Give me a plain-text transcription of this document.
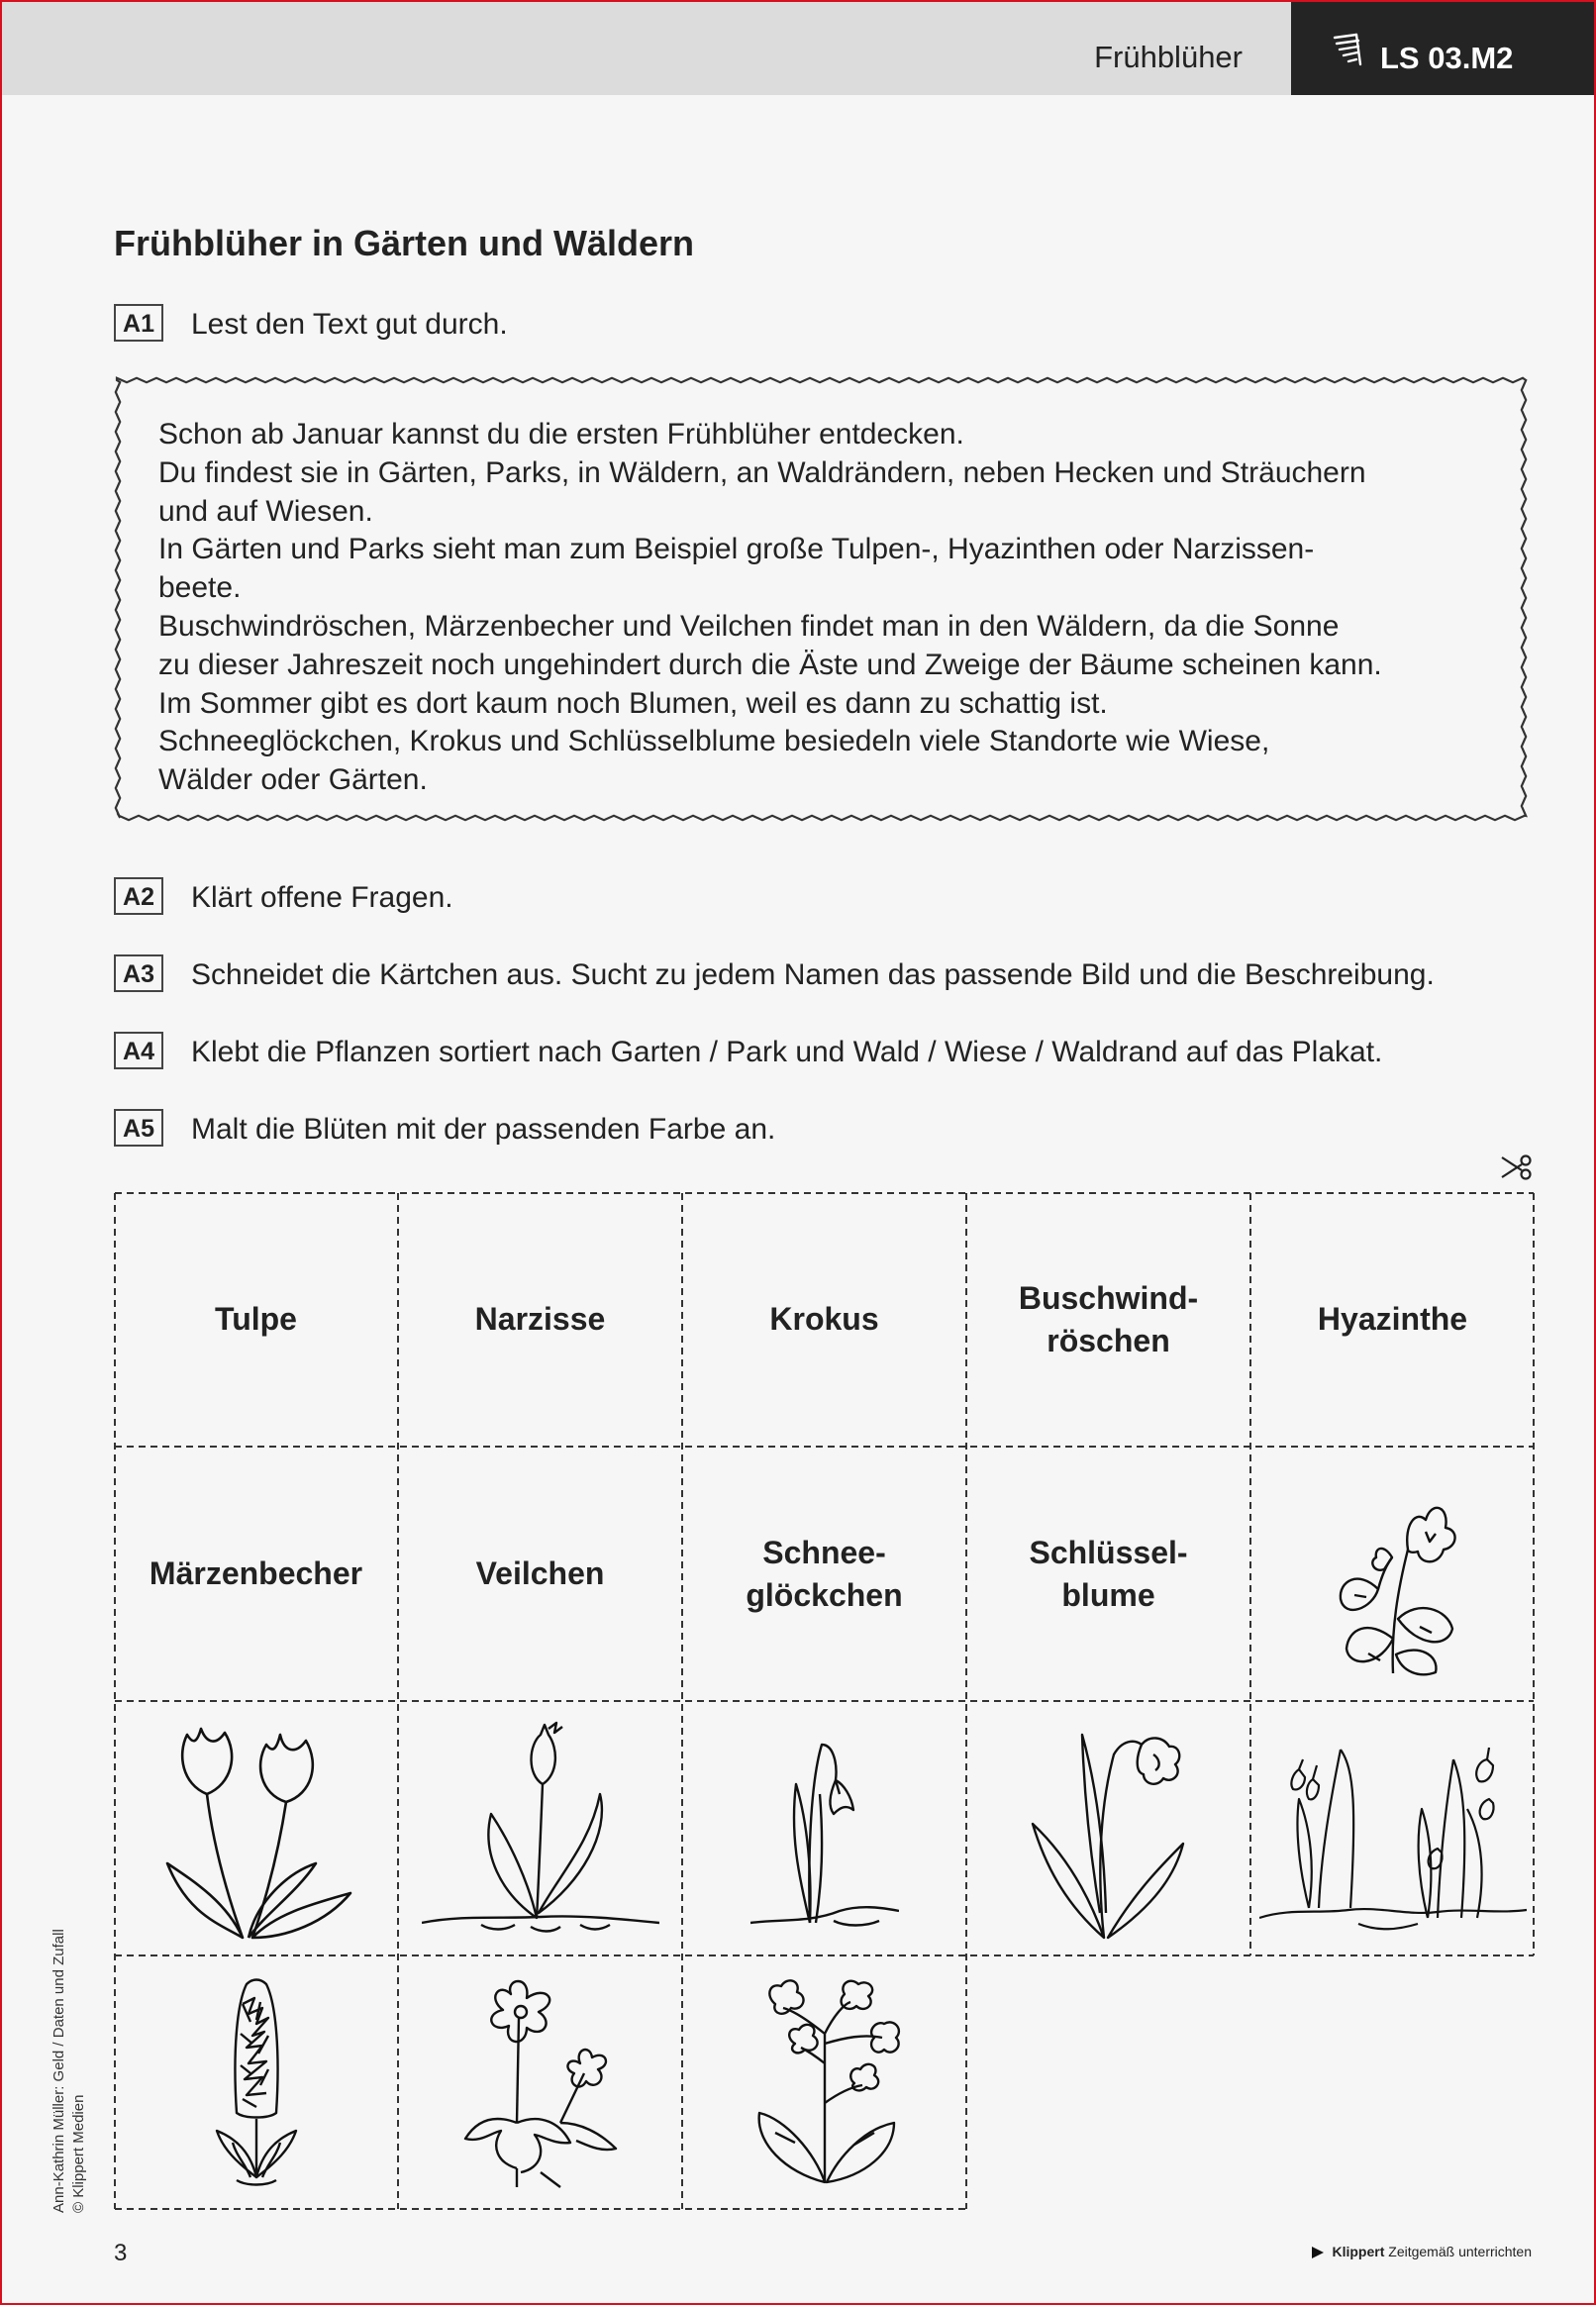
Frühblüher	LS 03.M2
Frühblüher in Gärten und Wäldern
A1	Lest den Text gut durch.
Schon ab Januar kannst du die ersten Frühblüher entdecken.
Du findest sie in Gärten, Parks, in Wäldern, an Waldrändern, neben Hecken und Sträuchern
und auf Wiesen.
In Gärten und Parks sieht man zum Beispiel große Tulpen-, Hyazinthen oder Narzissen-
beete.
Buschwindröschen, Märzenbecher und Veilchen findet man in den Wäldern, da die Sonne
zu dieser Jahreszeit noch ungehindert durch die Äste und Zweige der Bäume scheinen kann.
Im Sommer gibt es dort kaum noch Blumen, weil es dann zu schattig ist.
Schneeglöckchen, Krokus und Schlüsselblume besiedeln viele Standorte wie Wiese,
Wälder oder Gärten.
A2	Klärt offene Fragen.
A3	Schneidet die Kärtchen aus. Sucht zu jedem Namen das passende Bild und die Beschreibung.
A4	Klebt die Pflanzen sortiert nach Garten / Park und Wald / Wiese / Waldrand auf das Plakat.
A5	Malt die Blüten mit der passenden Farbe an.
Tulpe	Narzisse	Krokus
Buschwind-
röschen
Hyazinthe
Märzenbecher	Veilchen
Schnee-
glöckchen
Schlüssel-
blume
Ann-Kathrin Müller: Geld / Daten und Zufall © Klippert Medien
3	Klippert Zeitgemäß unterrichten
